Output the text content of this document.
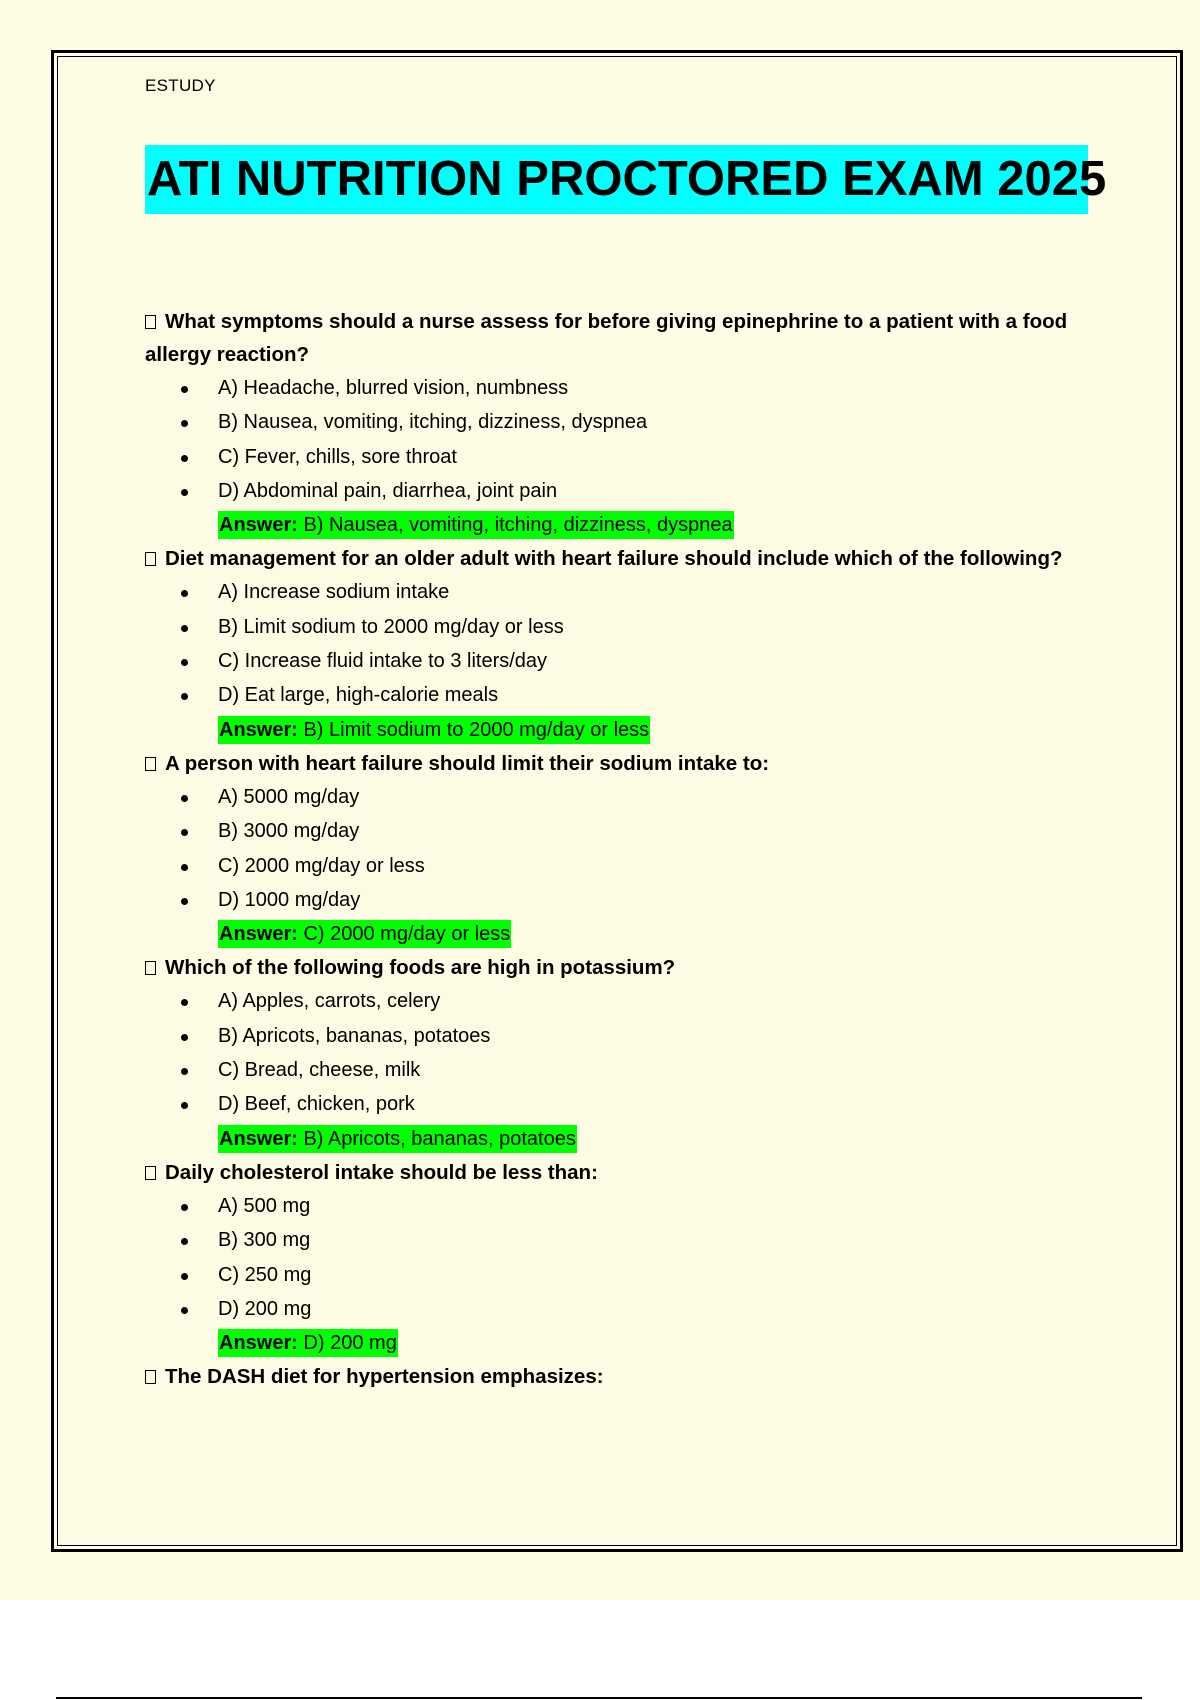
ESTUDY
ATI NUTRITION PROCTORED EXAM 2025
What symptoms should a nurse assess for before giving epinephrine to a patient with a food allergy reaction?
A) Headache, blurred vision, numbness
B) Nausea, vomiting, itching, dizziness, dyspnea
C) Fever, chills, sore throat
D) Abdominal pain, diarrhea, joint pain
Answer: B) Nausea, vomiting, itching, dizziness, dyspnea
Diet management for an older adult with heart failure should include which of the following?
A) Increase sodium intake
B) Limit sodium to 2000 mg/day or less
C) Increase fluid intake to 3 liters/day
D) Eat large, high-calorie meals
Answer: B) Limit sodium to 2000 mg/day or less
A person with heart failure should limit their sodium intake to:
A) 5000 mg/day
B) 3000 mg/day
C) 2000 mg/day or less
D) 1000 mg/day
Answer: C) 2000 mg/day or less
Which of the following foods are high in potassium?
A) Apples, carrots, celery
B) Apricots, bananas, potatoes
C) Bread, cheese, milk
D) Beef, chicken, pork
Answer: B) Apricots, bananas, potatoes
Daily cholesterol intake should be less than:
A) 500 mg
B) 300 mg
C) 250 mg
D) 200 mg
Answer: D) 200 mg
The DASH diet for hypertension emphasizes:
